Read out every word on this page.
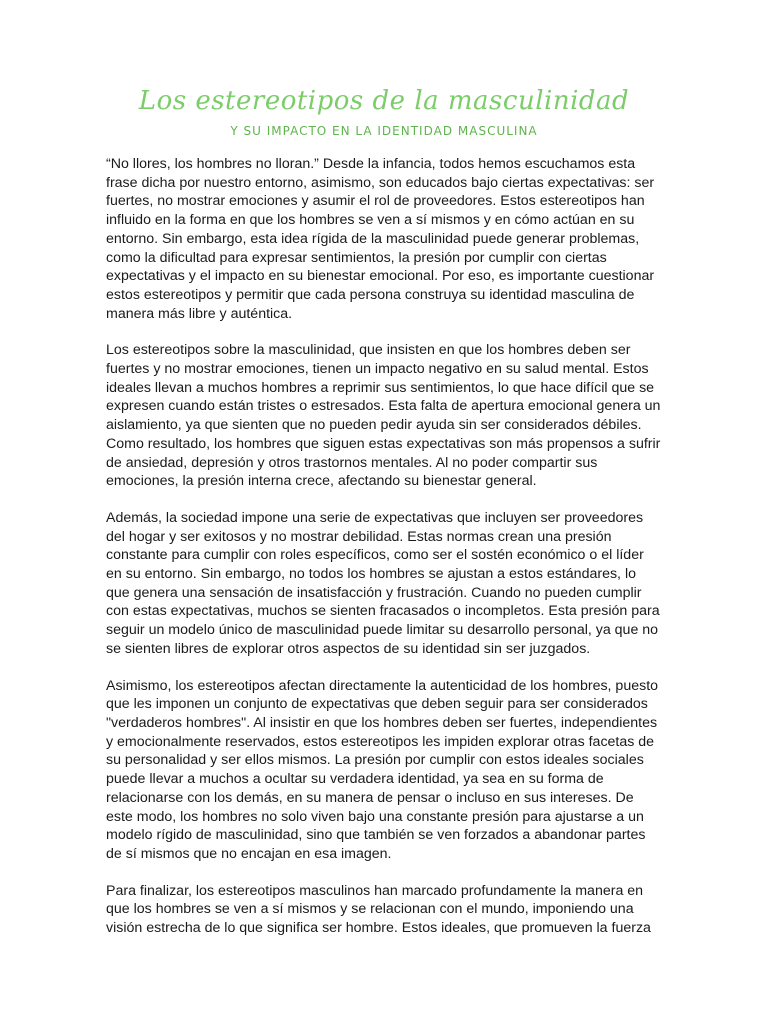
Los estereotipos de la masculinidad
Y SU IMPACTO EN LA IDENTIDAD MASCULINA

“No llores, los hombres no lloran.” Desde la infancia, todos hemos escuchamos esta frase dicha por nuestro entorno, asimismo, son educados bajo ciertas expectativas: ser fuertes, no mostrar emociones y asumir el rol de proveedores. Estos estereotipos han influido en la forma en que los hombres se ven a sí mismos y en cómo actúan en su entorno. Sin embargo, esta idea rígida de la masculinidad puede generar problemas, como la dificultad para expresar sentimientos, la presión por cumplir con ciertas expectativas y el impacto en su bienestar emocional. Por eso, es importante cuestionar estos estereotipos y permitir que cada persona construya su identidad masculina de manera más libre y auténtica.

Los estereotipos sobre la masculinidad, que insisten en que los hombres deben ser fuertes y no mostrar emociones, tienen un impacto negativo en su salud mental. Estos ideales llevan a muchos hombres a reprimir sus sentimientos, lo que hace difícil que se expresen cuando están tristes o estresados. Esta falta de apertura emocional genera un aislamiento, ya que sienten que no pueden pedir ayuda sin ser considerados débiles. Como resultado, los hombres que siguen estas expectativas son más propensos a sufrir de ansiedad, depresión y otros trastornos mentales. Al no poder compartir sus emociones, la presión interna crece, afectando su bienestar general.

Además, la sociedad impone una serie de expectativas que incluyen ser proveedores del hogar y ser exitosos y no mostrar debilidad. Estas normas crean una presión constante para cumplir con roles específicos, como ser el sostén económico o el líder en su entorno. Sin embargo, no todos los hombres se ajustan a estos estándares, lo que genera una sensación de insatisfacción y frustración. Cuando no pueden cumplir con estas expectativas, muchos se sienten fracasados o incompletos. Esta presión para seguir un modelo único de masculinidad puede limitar su desarrollo personal, ya que no se sienten libres de explorar otros aspectos de su identidad sin ser juzgados.

Asimismo, los estereotipos afectan directamente la autenticidad de los hombres, puesto que les imponen un conjunto de expectativas que deben seguir para ser considerados "verdaderos hombres". Al insistir en que los hombres deben ser fuertes, independientes y emocionalmente reservados, estos estereotipos les impiden explorar otras facetas de su personalidad y ser ellos mismos. La presión por cumplir con estos ideales sociales puede llevar a muchos a ocultar su verdadera identidad, ya sea en su forma de relacionarse con los demás, en su manera de pensar o incluso en sus intereses. De este modo, los hombres no solo viven bajo una constante presión para ajustarse a un modelo rígido de masculinidad, sino que también se ven forzados a abandonar partes de sí mismos que no encajan en esa imagen.

Para finalizar, los estereotipos masculinos han marcado profundamente la manera en que los hombres se ven a sí mismos y se relacionan con el mundo, imponiendo una visión estrecha de lo que significa ser hombre. Estos ideales, que promueven la fuerza
